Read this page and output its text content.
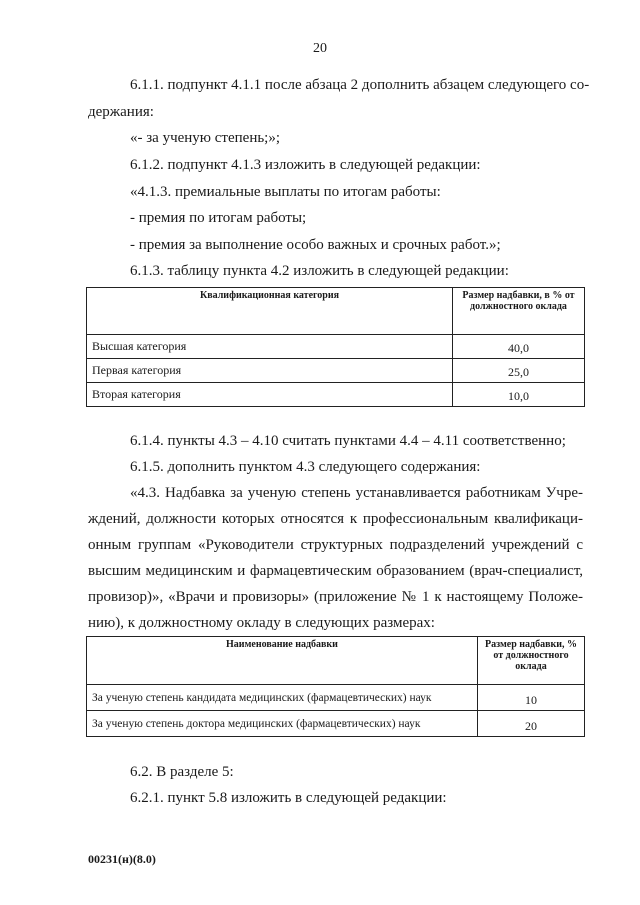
20
6.1.1. подпункт 4.1.1 после абзаца 2 дополнить абзацем следующего со-
держания:
«- за ученую степень;»;
6.1.2. подпункт 4.1.3 изложить в следующей редакции:
«4.1.3. премиальные выплаты по итогам работы:
- премия по итогам работы;
- премия за выполнение особо важных и срочных работ.»;
6.1.3. таблицу пункта 4.2 изложить в следующей редакции:
Квалификационная категория	Размер надбавки, в % от должностного оклада
Высшая категория	40,0
Первая категория	25,0
Вторая категория	10,0
6.1.4. пункты 4.3 – 4.10 считать пунктами 4.4 – 4.11 соответственно;
6.1.5. дополнить пунктом 4.3 следующего содержания:
«4.3. Надбавка за ученую степень устанавливается работникам Учре-
ждений, должности которых относятся к профессиональным квалификаци-
онным группам «Руководители структурных подразделений учреждений с
высшим медицинским и фармацевтическим образованием (врач-специалист,
провизор)», «Врачи и провизоры» (приложение № 1 к настоящему Положе-
нию), к должностному окладу в следующих размерах:
Наименование надбавки	Размер надбавки, % от должностного оклада
За ученую степень кандидата медицинских (фармацевтических) наук	10
За ученую степень доктора медицинских (фармацевтических) наук	20
6.2. В разделе 5:
6.2.1. пункт 5.8 изложить в следующей редакции:
00231(н)(8.0)
